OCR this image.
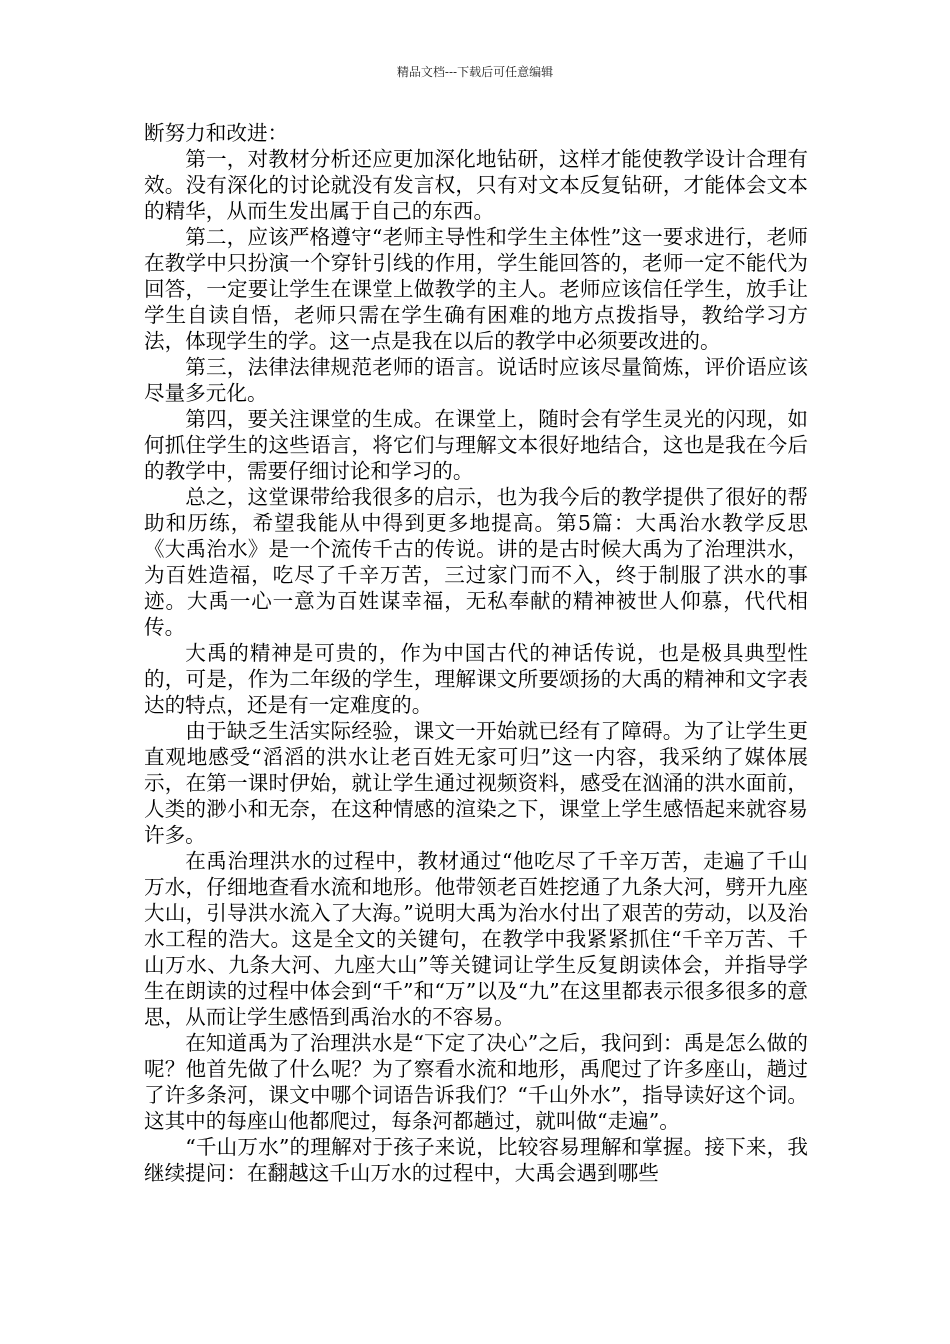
精品文档---下载后可任意编辑

断努力和改进：

第一，对教材分析还应更加深化地钻研，这样才能使教学设计合理有效。没有深化的讨论就没有发言权，只有对文本反复钻研，才能体会文本的精华，从而生发出属于自己的东西。

第二，应该严格遵守“老师主导性和学生主体性”这一要求进行，老师在教学中只扮演一个穿针引线的作用，学生能回答的，老师一定不能代为回答，一定要让学生在课堂上做教学的主人。老师应该信任学生，放手让学生自读自悟，老师只需在学生确有困难的地方点拨指导，教给学习方法，体现学生的学。这一点是我在以后的教学中必须要改进的。

第三，法律法律规范老师的语言。说话时应该尽量简炼，评价语应该尽量多元化。

第四，要关注课堂的生成。在课堂上，随时会有学生灵光的闪现，如何抓住学生的这些语言，将它们与理解文本很好地结合，这也是我在今后的教学中，需要仔细讨论和学习的。

总之，这堂课带给我很多的启示，也为我今后的教学提供了很好的帮助和历练，希望我能从中得到更多地提高。第5篇：大禹治水教学反思《大禹治水》是一个流传千古的传说。讲的是古时候大禹为了治理洪水，为百姓造福，吃尽了千辛万苦，三过家门而不入，终于制服了洪水的事迹。大禹一心一意为百姓谋幸福，无私奉献的精神被世人仰慕，代代相传。

大禹的精神是可贵的，作为中国古代的神话传说，也是极具典型性的，可是，作为二年级的学生，理解课文所要颂扬的大禹的精神和文字表达的特点，还是有一定难度的。

由于缺乏生活实际经验，课文一开始就已经有了障碍。为了让学生更直观地感受“滔滔的洪水让老百姓无家可归”这一内容，我采纳了媒体展示，在第一课时伊始，就让学生通过视频资料，感受在汹涌的洪水面前，人类的渺小和无奈，在这种情感的渲染之下，课堂上学生感悟起来就容易许多。

在禹治理洪水的过程中，教材通过“他吃尽了千辛万苦，走遍了千山万水，仔细地查看水流和地形。他带领老百姓挖通了九条大河，劈开九座大山，引导洪水流入了大海。”说明大禹为治水付出了艰苦的劳动，以及治水工程的浩大。这是全文的关键句，在教学中我紧紧抓住“千辛万苦、千山万水、九条大河、九座大山”等关键词让学生反复朗读体会，并指导学生在朗读的过程中体会到“千”和“万”以及“九”在这里都表示很多很多的意思，从而让学生感悟到禹治水的不容易。

在知道禹为了治理洪水是“下定了决心”之后，我问到：禹是怎么做的呢？他首先做了什么呢？为了察看水流和地形，禹爬过了许多座山，趟过了许多条河，课文中哪个词语告诉我们？“千山外水”，指导读好这个词。这其中的每座山他都爬过，每条河都趟过，就叫做“走遍”。

“千山万水”的理解对于孩子来说，比较容易理解和掌握。接下来，我继续提问：在翻越这千山万水的过程中，大禹会遇到哪些
